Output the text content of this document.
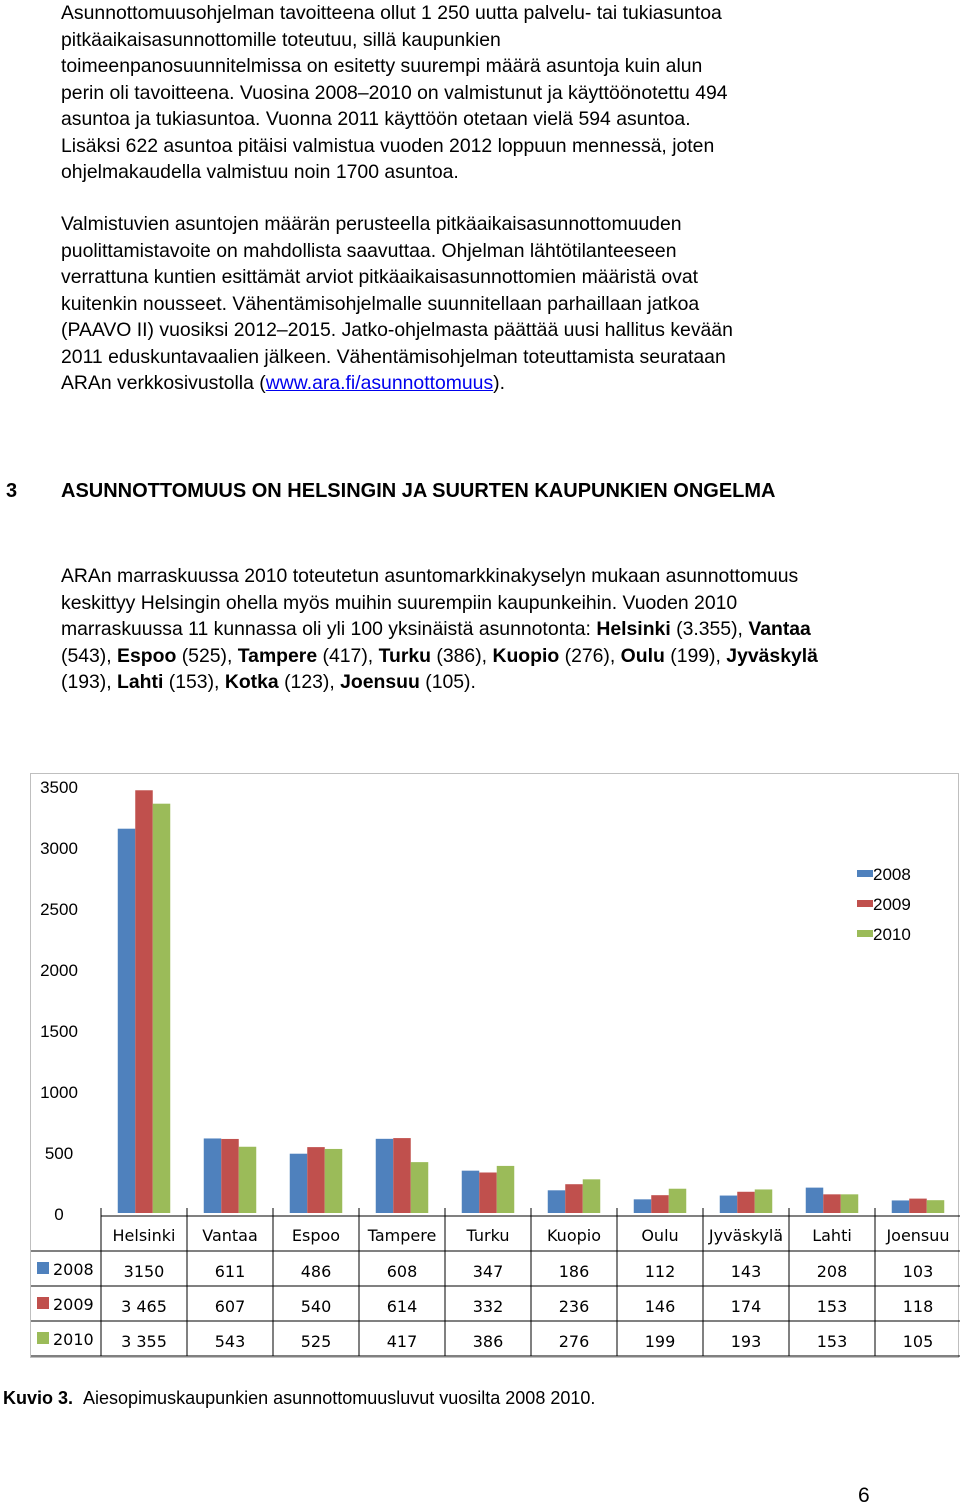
Asunnottomuusohjelman tavoitteena ollut 1 250 uutta palvelu- tai tukiasuntoa
pitkäaikaisasunnottomille toteutuu, sillä kaupunkien
toimeenpanosuunnitelmissa on esitetty suurempi määrä asuntoja kuin alun
perin oli tavoitteena. Vuosina 2008–2010 on valmistunut ja käyttöönotettu 494
asuntoa ja tukiasuntoa. Vuonna 2011 käyttöön otetaan vielä 594 asuntoa.
Lisäksi 622 asuntoa pitäisi valmistua vuoden 2012 loppuun mennessä, joten
ohjelmakaudella valmistuu noin 1700 asuntoa.
Valmistuvien asuntojen määrän perusteella pitkäaikaisasunnottomuuden
puolittamistavoite on mahdollista saavuttaa. Ohjelman lähtötilanteeseen
verrattuna kuntien esittämät arviot pitkäaikaisasunnottomien määristä ovat
kuitenkin nousseet. Vähentämisohjelmalle suunnitellaan parhaillaan jatkoa
(PAAVO II) vuosiksi 2012–2015. Jatko-ohjelmasta päättää uusi hallitus kevään
2011 eduskuntavaalien jälkeen. Vähentämisohjelman toteuttamista seurataan
ARAn verkkosivustolla (www.ara.fi/asunnottomuus).
3 ASUNNOTTOMUUS ON HELSINGIN JA SUURTEN KAUPUNKIEN ONGELMA
ARAn marraskuussa 2010 toteutetun asuntomarkkinakyselyn mukaan asunnottomuus keskittyy Helsingin ohella myös muihin suurempiin kaupunkeihin. Vuoden 2010 marraskuussa 11 kunnassa oli yli 100 yksinäistä asunnotonta: Helsinki (3.355), Vantaa (543), Espoo (525), Tampere (417), Turku (386), Kuopio (276), Oulu (199), Jyväskylä (193), Lahti (153), Kotka (123), Joensuu (105).
0
500
1000
1500
2000
2500
3000
3500
Helsinki Vantaa Espoo Tampere Turku Kuopio	Oulu Jyväskylä Lahti Joensuu
2008 3150	611	486	608	347	186	112	143	208	103
2009 3 465	607	540	614	332	236	146	174	153	118
2010 3 355	543	525	417	386	276	199	193	153	105
2008
2009
2010
Kuvio 3. Aiesopimuskaupunkien asunnottomuusluvut vuosilta 2008 2010.
6
